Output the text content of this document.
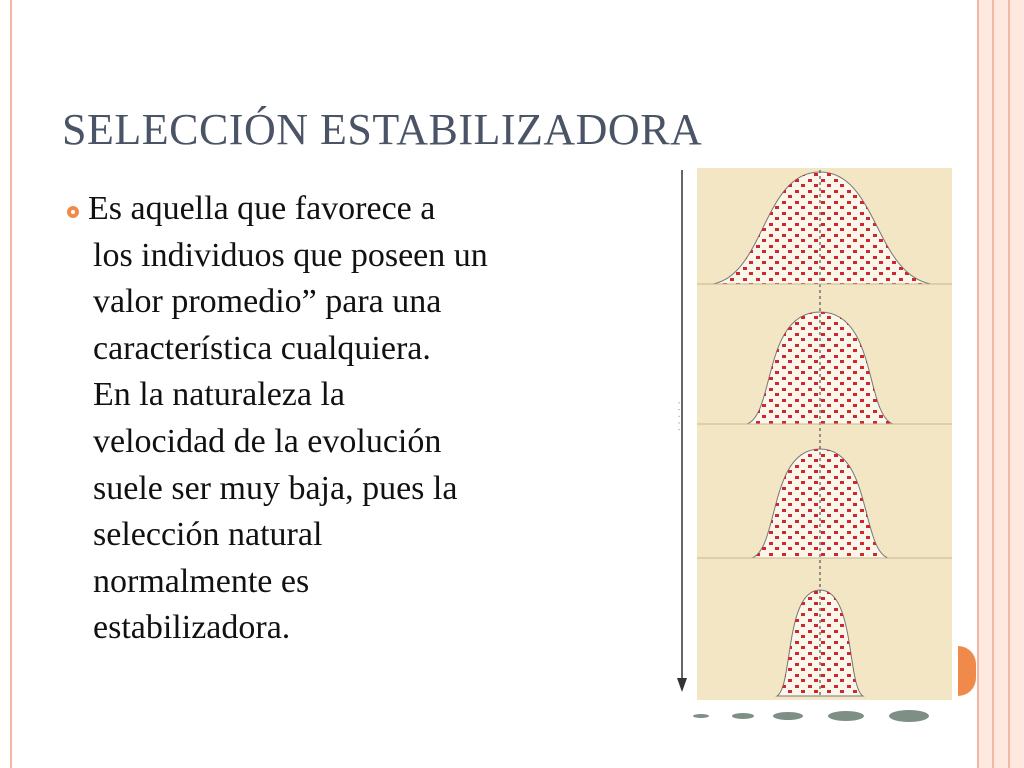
SELECCIÓN ESTABILIZADORA

Es aquella que favorece a
los individuos que poseen un
valor promedio” para una
característica cualquiera.
En la naturaleza la
velocidad de la evolución
suele ser muy baja, pues la
selección natural
normalmente es
estabilizadora.

· · · · ·
